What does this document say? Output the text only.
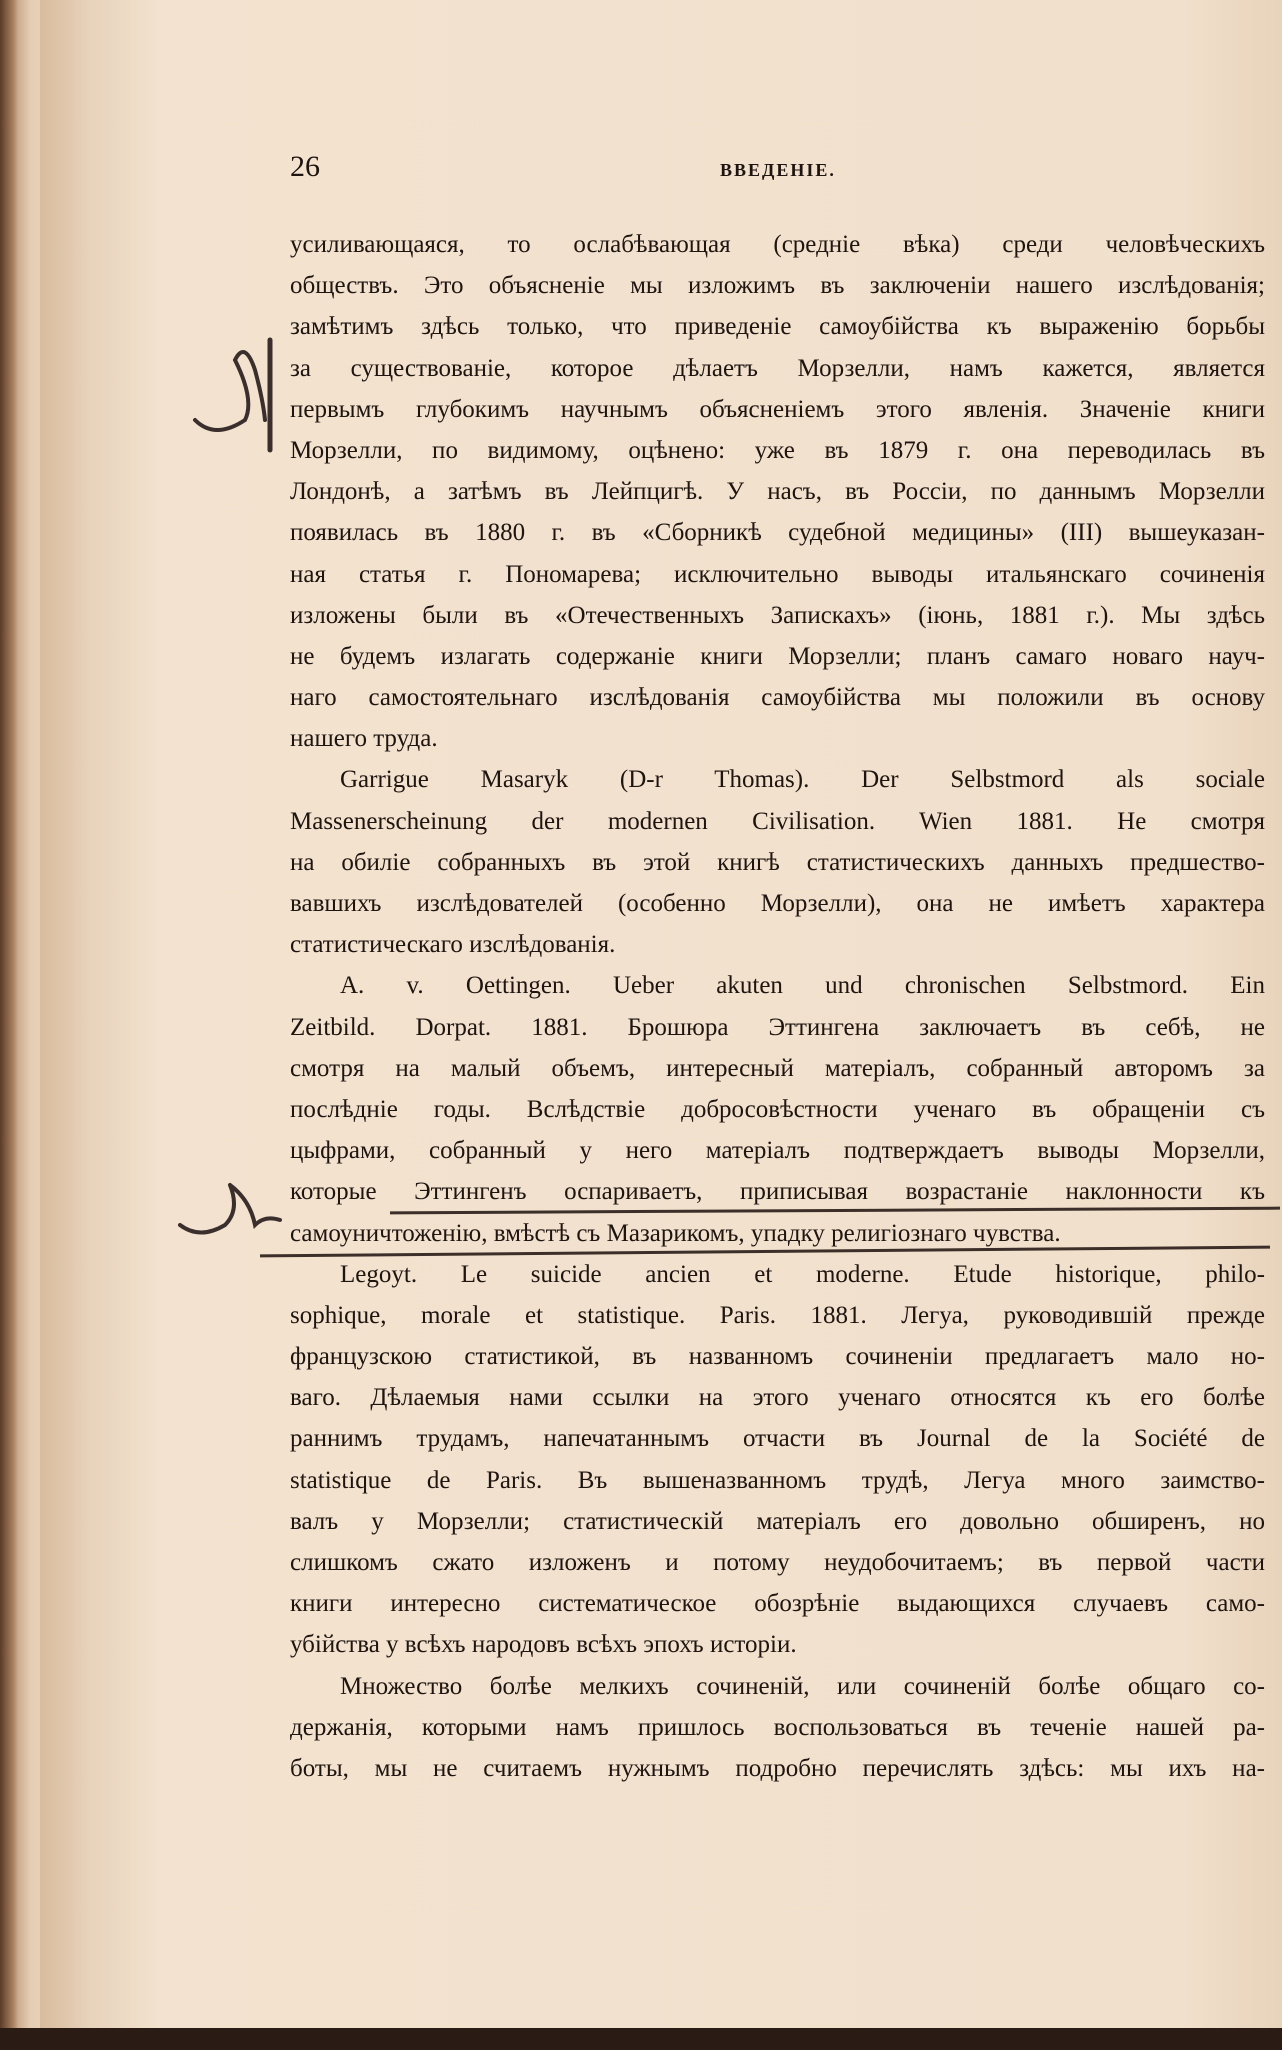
26	ВВЕДЕНІЕ.
усиливающаяся, то ослабѣвающая (средніе вѣка) среди человѣческихъ
обществъ. Это объясненіе мы изложимъ въ заключеніи нашего изслѣдованія;
замѣтимъ здѣсь только, что приведеніе самоубійства къ выраженію борьбы
за существованіе, которое дѣлаетъ Морзелли, намъ кажется, является
первымъ глубокимъ научнымъ объясненіемъ этого явленія. Значеніе книги
Морзелли, по видимому, оцѣнено: уже въ 1879 г. она переводилась въ
Лондонѣ, а затѣмъ въ Лейпцигѣ. У насъ, въ Россіи, по даннымъ Морзелли
появилась въ 1880 г. въ «Сборникѣ судебной медицины» (III) вышеуказан-
ная статья г. Пономарева; исключительно выводы итальянскаго сочиненія
изложены были въ «Отечественныхъ Запискахъ» (іюнь, 1881 г.). Мы здѣсь
не будемъ излагать содержаніе книги Морзелли; планъ самаго новаго науч-
наго самостоятельнаго изслѣдованія самоубійства мы положили въ основу
нашего труда.
Garrigue Masaryk (D-r Thomas). Der Selbstmord als sociale
Massenerscheinung der modernen Civilisation. Wien 1881. Не смотря
на обиліе собранныхъ въ этой книгѣ статистическихъ данныхъ предшество-
вавшихъ изслѣдователей (особенно Морзелли), она не имѣетъ характера
статистическаго изслѣдованія.
A. v. Oettingen. Ueber akuten und chronischen Selbstmord. Ein
Zeitbild. Dorpat. 1881. Брошюра Эттингена заключаетъ въ себѣ, не
смотря на малый объемъ, интересный матеріалъ, собранный авторомъ за
послѣдніе годы. Вслѣдствіе добросовѣстности ученаго въ обращеніи съ
цыфрами, собранный у него матеріалъ подтверждаетъ выводы Морзелли,
которые Эттингенъ оспариваетъ, приписывая возрастаніе наклонности къ
самоуничтоженію, вмѣстѣ съ Мазарикомъ, упадку религіознаго чувства.
Legoyt. Le suicide ancien et moderne. Etude historique, philo-
sophique, morale et statistique. Paris. 1881. Легуа, руководившій прежде
французскою статистикой, въ названномъ сочиненіи предлагаетъ мало но-
ваго. Дѣлаемыя нами ссылки на этого ученаго относятся къ его болѣе
раннимъ трудамъ, напечатаннымъ отчасти въ Journal de la Société de
statistique de Paris. Въ вышеназванномъ трудѣ, Легуа много заимство-
валъ у Морзелли; статистическій матеріалъ его довольно обширенъ, но
слишкомъ сжато изложенъ и потому неудобочитаемъ; въ первой части
книги интересно систематическое обозрѣніе выдающихся случаевъ само-
убійства у всѣхъ народовъ всѣхъ эпохъ исторіи.
Множество болѣе мелкихъ сочиненій, или сочиненій болѣе общаго со-
держанія, которыми намъ пришлось воспользоваться въ теченіе нашей ра-
боты, мы не считаемъ нужнымъ подробно перечислять здѣсь: мы ихъ на-
